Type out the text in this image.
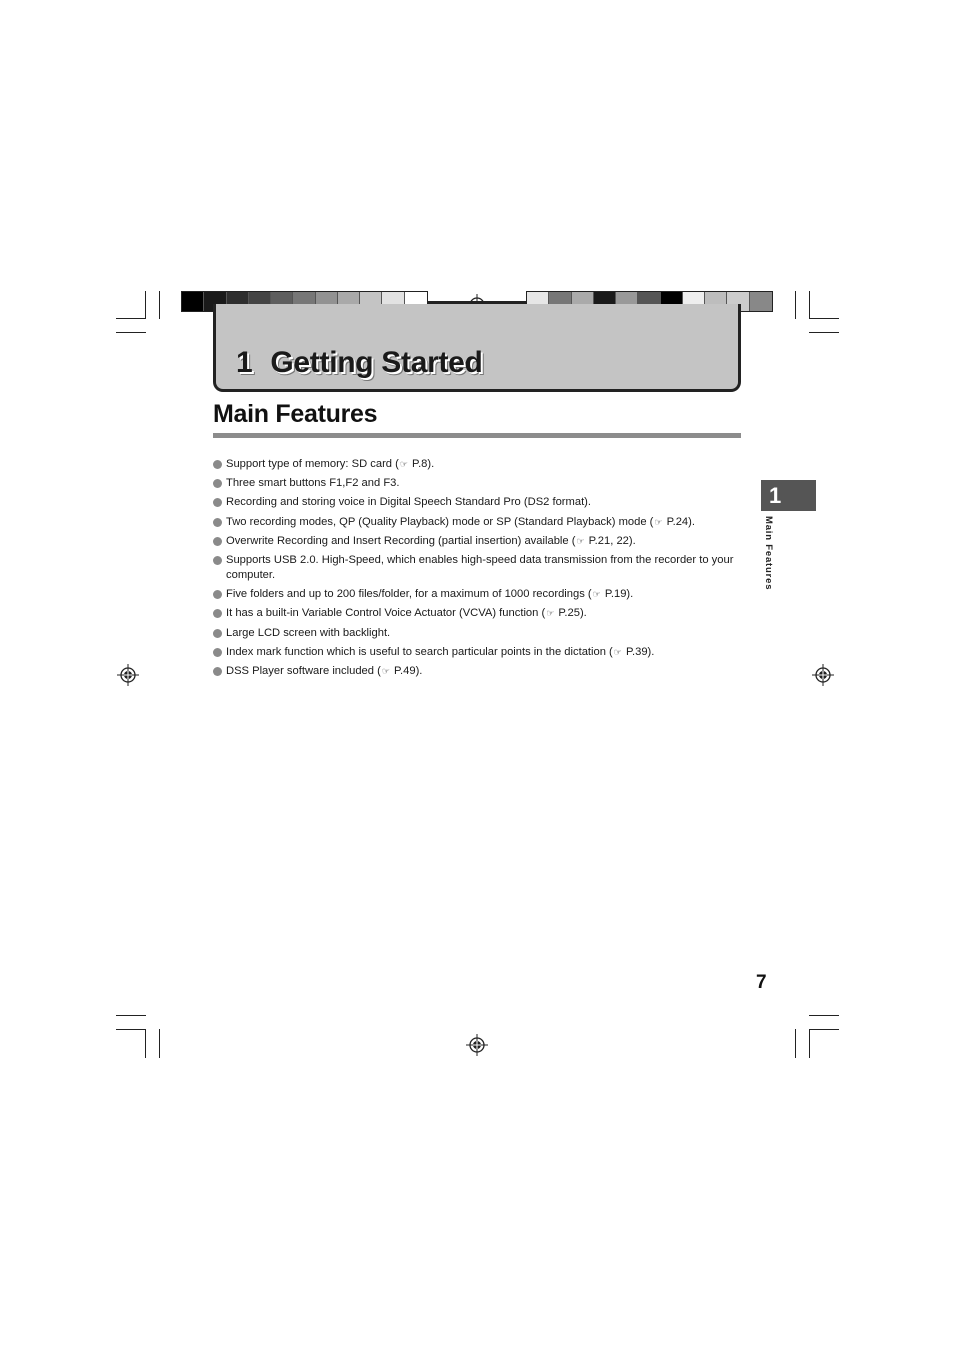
1 Getting Started
Main Features
Support type of memory: SD card (☞ P.8).
Three smart buttons F1,F2 and F3.
Recording and storing voice in Digital Speech Standard Pro (DS2 format).
Two recording modes, QP (Quality Playback) mode or SP (Standard Playback) mode (☞ P.24).
Overwrite Recording and Insert Recording (partial insertion) available (☞ P.21, 22).
Supports USB 2.0. High-Speed, which enables high-speed data transmission from the recorder to your computer.
Five folders and up to 200 files/folder, for a maximum of 1000 recordings (☞ P.19).
It has a built-in Variable Control Voice Actuator (VCVA) function (☞ P.25).
Large LCD screen with backlight.
Index mark function which is useful to search particular points in the dictation (☞ P.39).
DSS Player software included (☞ P.49).
1
Main Features
7
